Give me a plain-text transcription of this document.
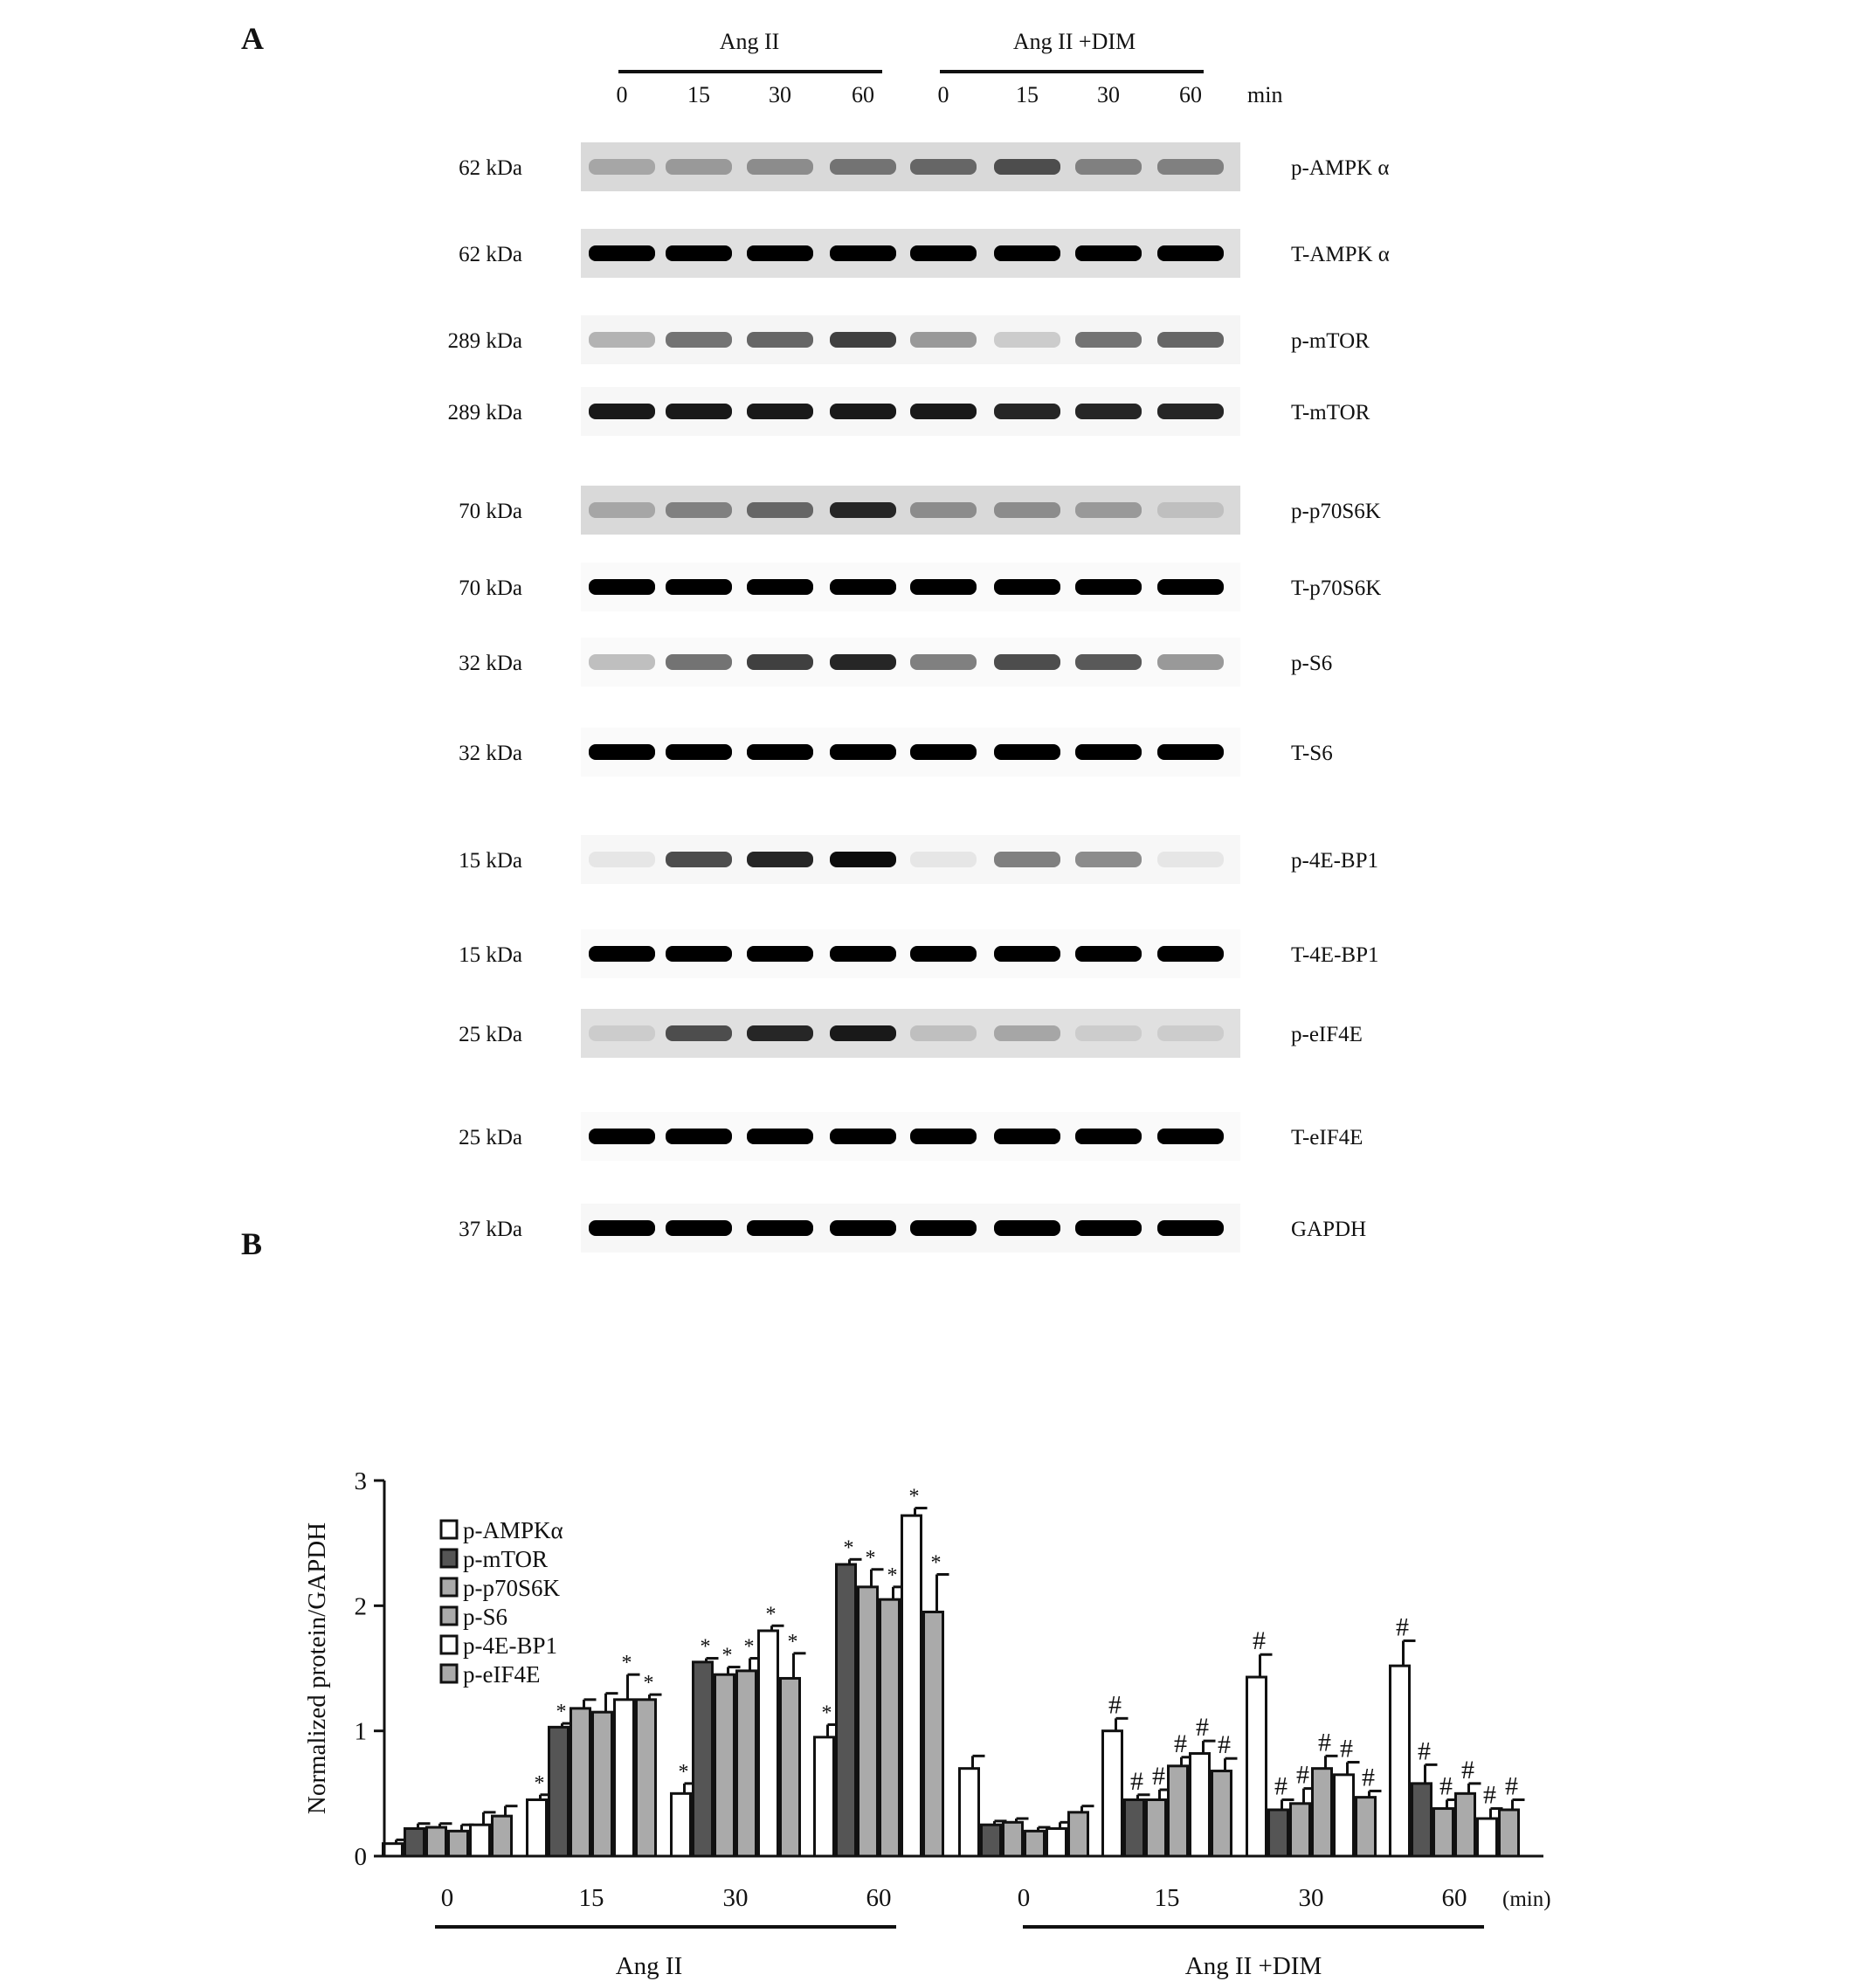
A
B
Ang II	Ang II +DIM
0	15	30	60	0	15	30	60 min
62 kDa	p-AMPK α
62 kDa	T-AMPK α
289 kDa	p-mTOR
289 kDa	T-mTOR
70 kDa	p-p70S6K
70 kDa	T-p70S6K
32 kDa	p-S6
32 kDa	T-S6
15 kDa	p-4E-BP1
15 kDa	T-4E-BP1
25 kDa	p-eIF4E
25 kDa	T-eIF4E
37 kDa	GAPDH
*	*
*	#
#	#
*
*
*
#	#
#
*
*
#	#	#
*
*
#	#
#
*
*
*
#
#
#
*
*
*
#
#	#
0
1
2
3
0	15	30	60	0	15	30	60 (min)
Normalized protein/GAPDH
Ang II	Ang II +DIM
p-AMPKα
p-mTOR
p-p70S6K
p-S6
p-4E-BP1
p-eIF4E
